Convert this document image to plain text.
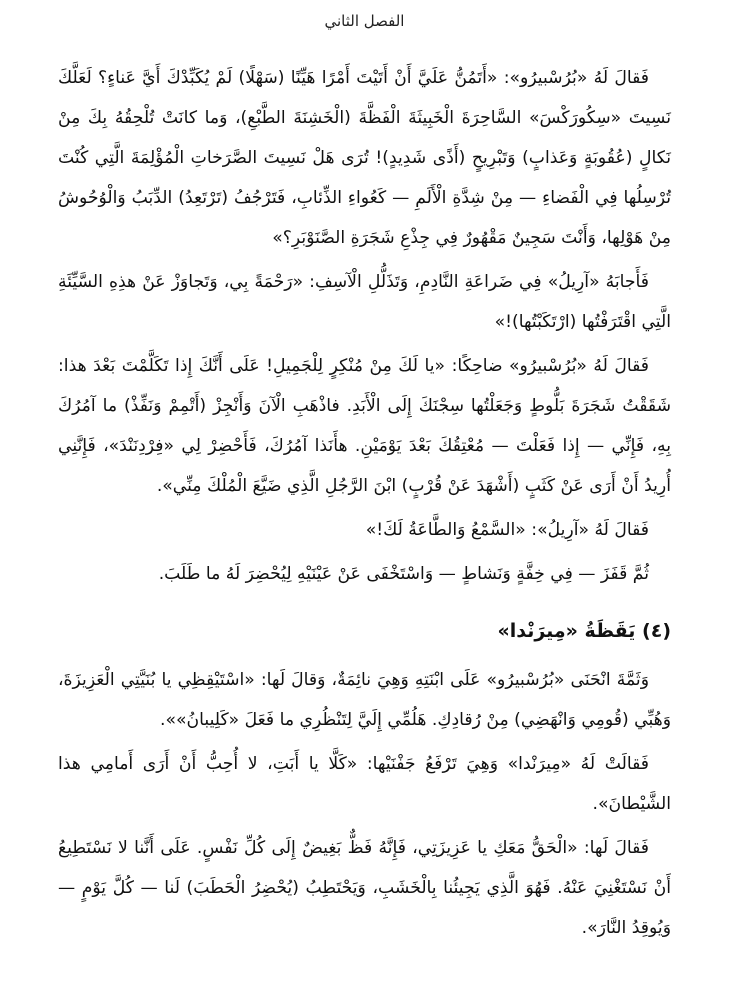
الفصل الثاني

فَقالَ لَهُ «بُرُسْبيرُو»: «أَتَمُنُّ عَلَيَّ أَنْ أَتَيْتَ أَمْرًا هَيِّنًا (سَهْلًا) لَمْ يُكَبِّدْكَ أَيَّ عَناءٍ؟ لَعَلَّكَ نَسِيتَ «سِكُورَكْسَ» السَّاحِرَةَ الْخَبِيثَةَ الْفَظَّةَ (الْخَشِنَةَ الطَّبْعِ)، وَما كانَتْ تُلْحِقُهُ بِكَ مِنْ نَكالٍ (عُقُوبَةٍ وَعَذابٍ) وَتَبْرِيحٍ (أَذًى شَدِيدٍ)! تُرَى هَلْ نَسِيتَ الصَّرَخاتِ الْمُؤْلِمَةَ الَّتِي كُنْتَ تُرْسِلُها فِي الْفَضاءِ — مِنْ شِدَّةِ الْأَلَمِ — كَعُواءِ الذِّئابِ، فَتَرْجُفُ (تَرْتَعِدُ) الدِّبَبُ وَالْوُحُوشُ مِنْ هَوْلِها، وَأَنْتَ سَجِينٌ مَقْهُورٌ فِي جِذْعِ شَجَرَةِ الصَّنَوْبَرِ؟»

فَأَجابَهُ «آرِيلُ» فِي ضَراعَةِ النَّادِمِ، وَتَذَلُّلِ الْآسِفِ: «رَحْمَةً بِي، وَتَجاوَزْ عَنْ هذِهِ السَّيِّئَةِ الَّتِي اقْتَرَفْتُها (ارْتَكَبْتُها)!»

فَقالَ لَهُ «بُرُسْبيرُو» ضاحِكًا: «يا لَكَ مِنْ مُنْكِرٍ لِلْجَمِيلِ! عَلَى أَنَّكَ إِذا تَكَلَّمْتَ بَعْدَ هذا: شَقَقْتُ شَجَرَةَ بَلُّوطٍ وَجَعَلْتُها سِجْنَكَ إِلَى الْأَبَدِ. فاذْهَبِ الْآنَ وَأَنْجِزْ (أَتْمِمْ وَنَفِّذْ) ما آمُرُكَ بِهِ، فَإِنِّي — إِذا فَعَلْتَ — مُعْتِقُكَ بَعْدَ يَوْمَيْنِ. هأَنَذا آمُرُكَ، فَأَحْضِرْ لِي «فِرْدِنَنْدَ»، فَإِنَّنِي أُرِيدُ أَنْ أَرَى عَنْ كَثَبٍ (أَشْهَدَ عَنْ قُرْبٍ) ابْنَ الرَّجُلِ الَّذِي ضَيَّعَ الْمُلْكَ مِنِّي».

فَقالَ لَهُ «آرِيلُ»: «السَّمْعُ وَالطَّاعَةُ لَكَ!»

ثُمَّ قَفَزَ — فِي خِفَّةٍ وَنَشاطٍ — وَاسْتَخْفَى عَنْ عَيْنَيْهِ لِيُحْضِرَ لَهُ ما طَلَبَ.

(٤) يَقَظَةُ «مِيرَنْدا»

وَثَمَّةَ انْحَنَى «بُرُسْبيرُو» عَلَى ابْنَتِهِ وَهِيَ نائِمَةٌ، وَقالَ لَها: «اسْتَيْقِظِي يا بُنَيَّتِي الْعَزِيزَةَ، وَهُبِّي (قُومِي وَانْهَضِي) مِنْ رُقادِكِ. هَلُمِّي إِلَيَّ لِتَنْظُرِي ما فَعَلَ «كَلِيبانُ»».

فَقالَتْ لَهُ «مِيرَنْدا» وَهِيَ تَرْفَعُ جَفْنَيْها: «كَلَّا يا أَبَتِ، لا أُحِبُّ أَنْ أَرَى أَمامِي هذا الشَّيْطانَ».

فَقالَ لَها: «الْحَقُّ مَعَكِ يا عَزِيزَتِي، فَإِنَّهُ فَظٌّ بَغِيضٌ إِلَى كُلِّ نَفْسٍ. عَلَى أَنَّنا لا نَسْتَطِيعُ أَنْ نَسْتَغْنِيَ عَنْهُ. فَهُوَ الَّذِي يَجِيئُنا بِالْخَشَبِ، وَيَحْتَطِبُ (يُحْضِرُ الْحَطَبَ) لَنا — كُلَّ يَوْمٍ — وَيُوقِدُ النَّارَ».
